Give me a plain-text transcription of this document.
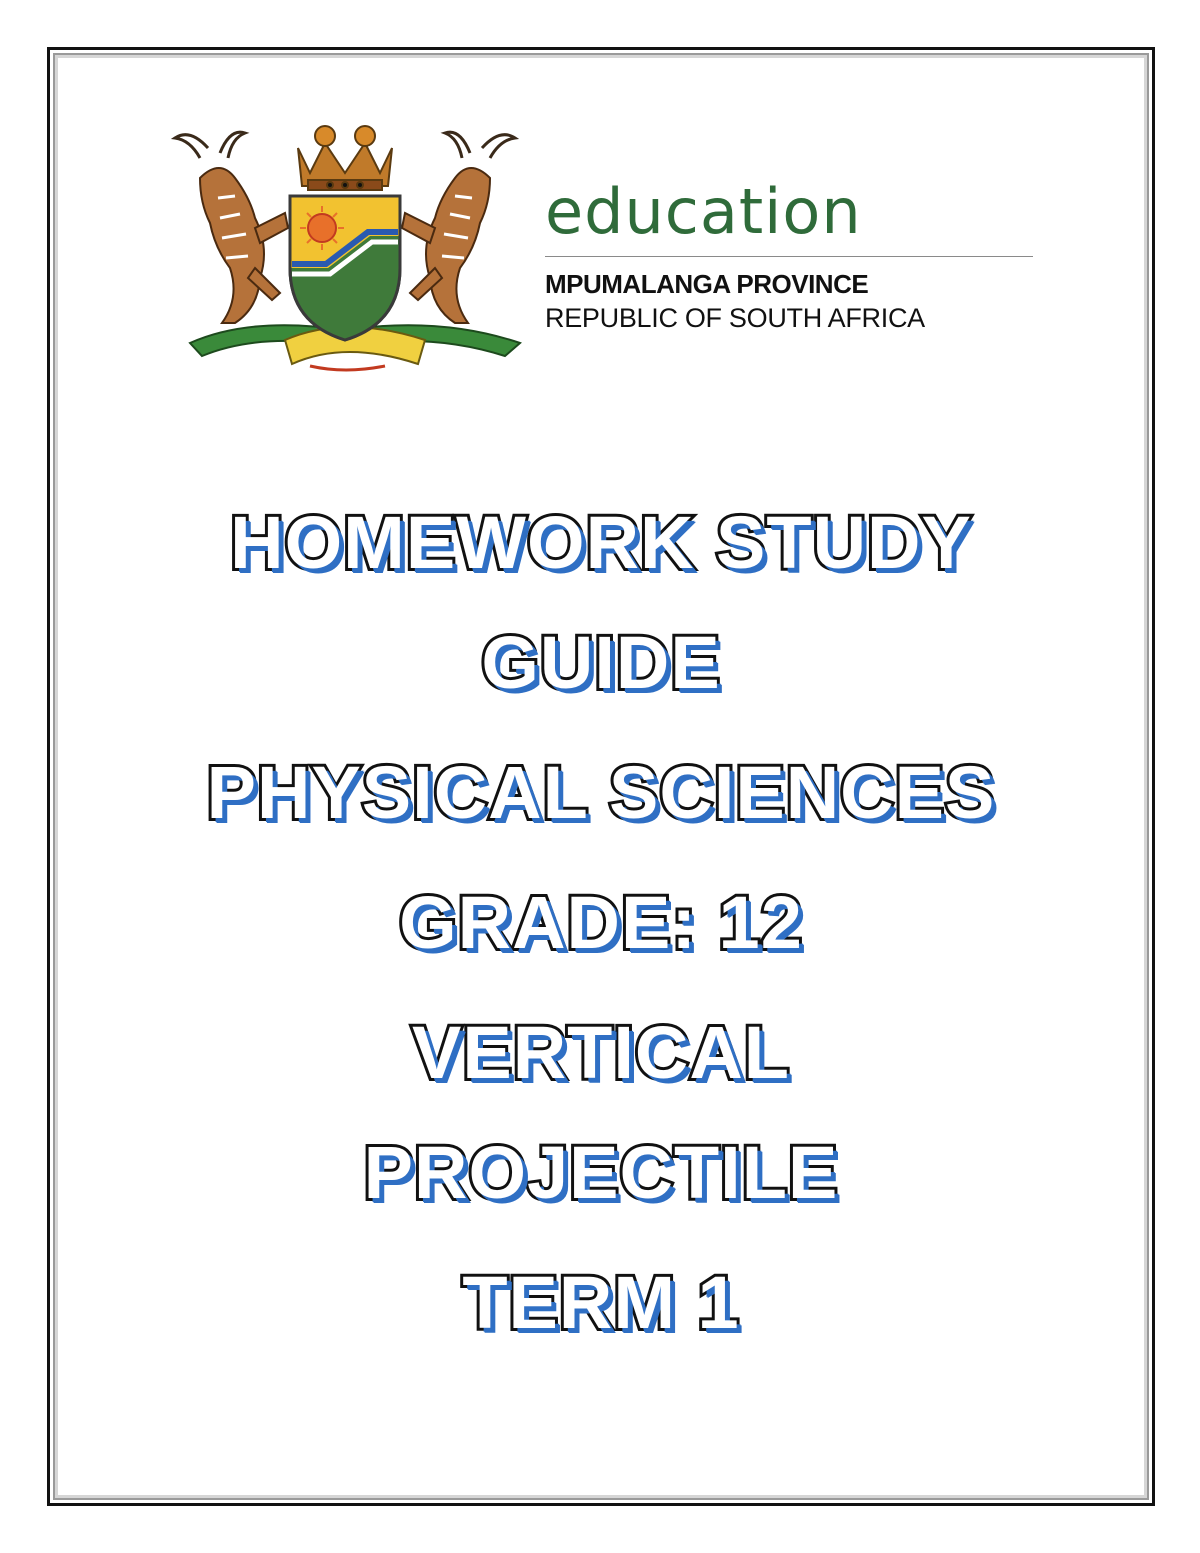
education
MPUMALANGA PROVINCE
REPUBLIC OF SOUTH AFRICA
HOMEWORK STUDY
GUIDE
PHYSICAL SCIENCES
GRADE: 12
VERTICAL
PROJECTILE
TERM 1
